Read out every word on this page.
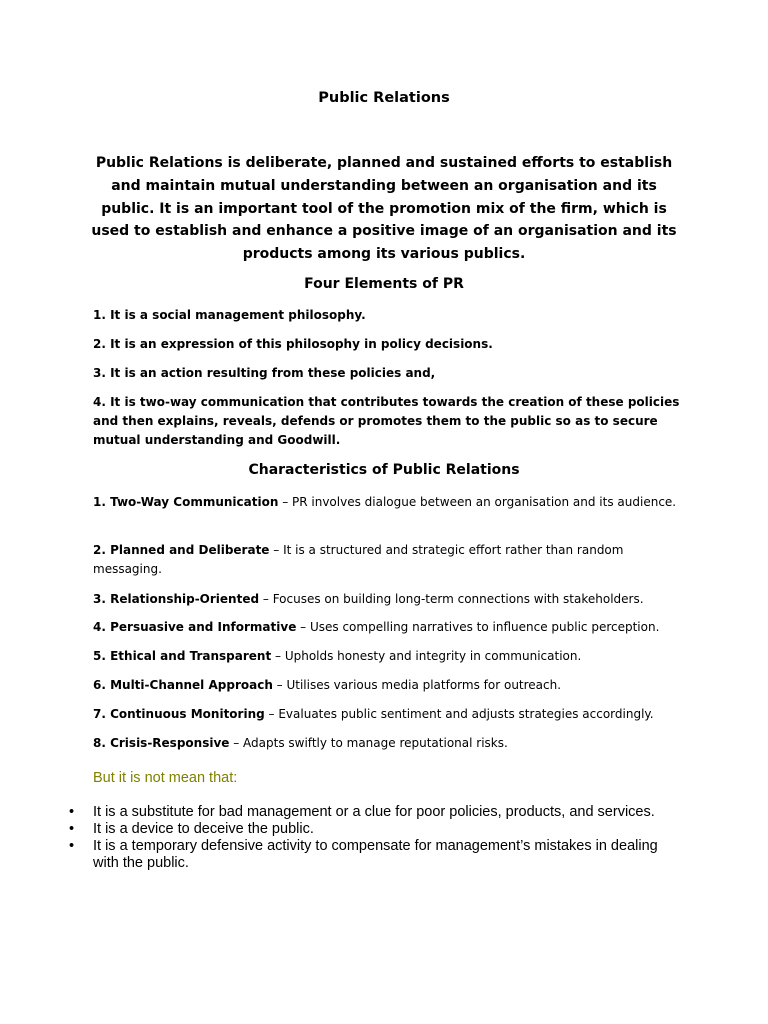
Public Relations
Public Relations is deliberate, planned and sustained efforts to establish and maintain mutual understanding between an organisation and its public. It is an important tool of the promotion mix of the firm, which is used to establish and enhance a positive image of an organisation and its products among its various publics.
Four Elements of PR
1. It is a social management philosophy.
2. It is an expression of this philosophy in policy decisions.
3. It is an action resulting from these policies and,
4. It is two-way communication that contributes towards the creation of these policies and then explains, reveals, defends or promotes them to the public so as to secure mutual understanding and Goodwill.
Characteristics of Public Relations
1. Two-Way Communication – PR involves dialogue between an organisation and its audience.
2. Planned and Deliberate – It is a structured and strategic effort rather than random messaging.
3. Relationship-Oriented – Focuses on building long-term connections with stakeholders.
4. Persuasive and Informative – Uses compelling narratives to influence public perception.
5. Ethical and Transparent – Upholds honesty and integrity in communication.
6. Multi-Channel Approach – Utilises various media platforms for outreach.
7. Continuous Monitoring – Evaluates public sentiment and adjusts strategies accordingly.
8. Crisis-Responsive – Adapts swiftly to manage reputational risks.
But it is not mean that:
• It is a substitute for bad management or a clue for poor policies, products, and services.
• It is a device to deceive the public.
• It is a temporary defensive activity to compensate for management’s mistakes in dealing with the public.
